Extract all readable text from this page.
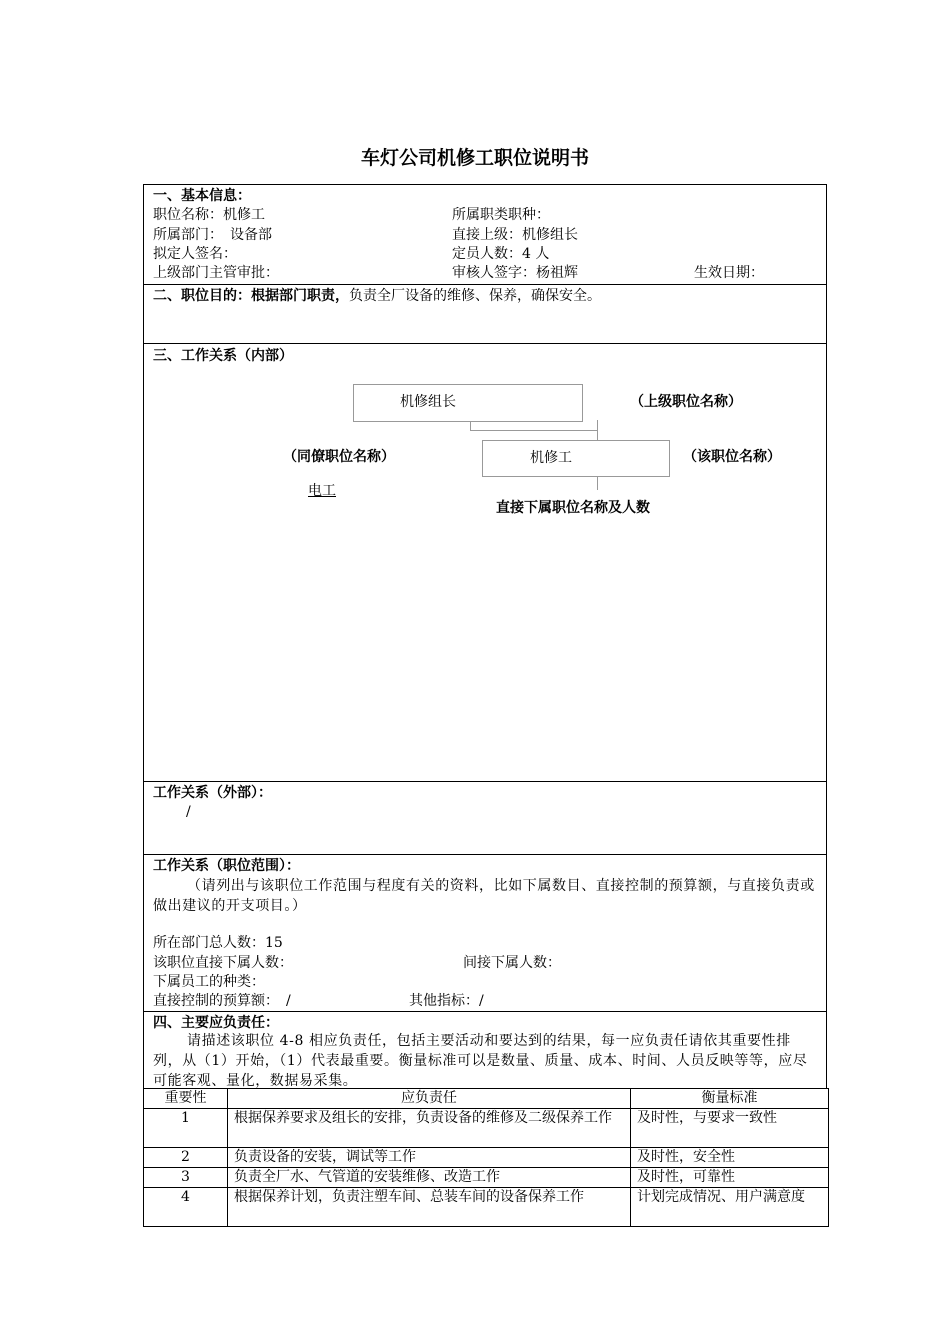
车灯公司机修工职位说明书
一、基本信息：
职位名称：机修工	所属职类职种：
所属部门：　设备部	直接上级：机修组长
拟定人签名：	定员人数：4 人
上级部门主管审批：	审核人签字：杨祖辉	生效日期：
二、职位目的：根据部门职责，负责全厂设备的维修、保养，确保安全。
三、工作关系（内部）
机修组长	（上级职位名称）
机修工
（同僚职位名称）	（该职位名称）
电工
直接下属职位名称及人数
工作关系（外部）：
/
工作关系（职位范围）：
（请列出与该职位工作范围与程度有关的资料，比如下属数目、直接控制的预算额，与直接负责或做出建议的开支项目。）
所在部门总人数：15
该职位直接下属人数：	间接下属人数：
下属员工的种类：
直接控制的预算额：　/	其他指标：/
四、主要应负责任：
请描述该职位 4-8 相应负责任，包括主要活动和要达到的结果，每一应负责任请依其重要性排列，从（1）开始，（1）代表最重要。衡量标准可以是数量、质量、成本、时间、人员反映等等，应尽可能客观、量化，数据易采集。
重要性	应负责任	衡量标准
1	根据保养要求及组长的安排，负责设备的维修及二级保养工作	及时性，与要求一致性
2	负责设备的安装，调试等工作	及时性，安全性
3	负责全厂水、气管道的安装维修、改造工作	及时性，可靠性
4	根据保养计划，负责注塑车间、总装车间的设备保养工作	计划完成情况、用户满意度
